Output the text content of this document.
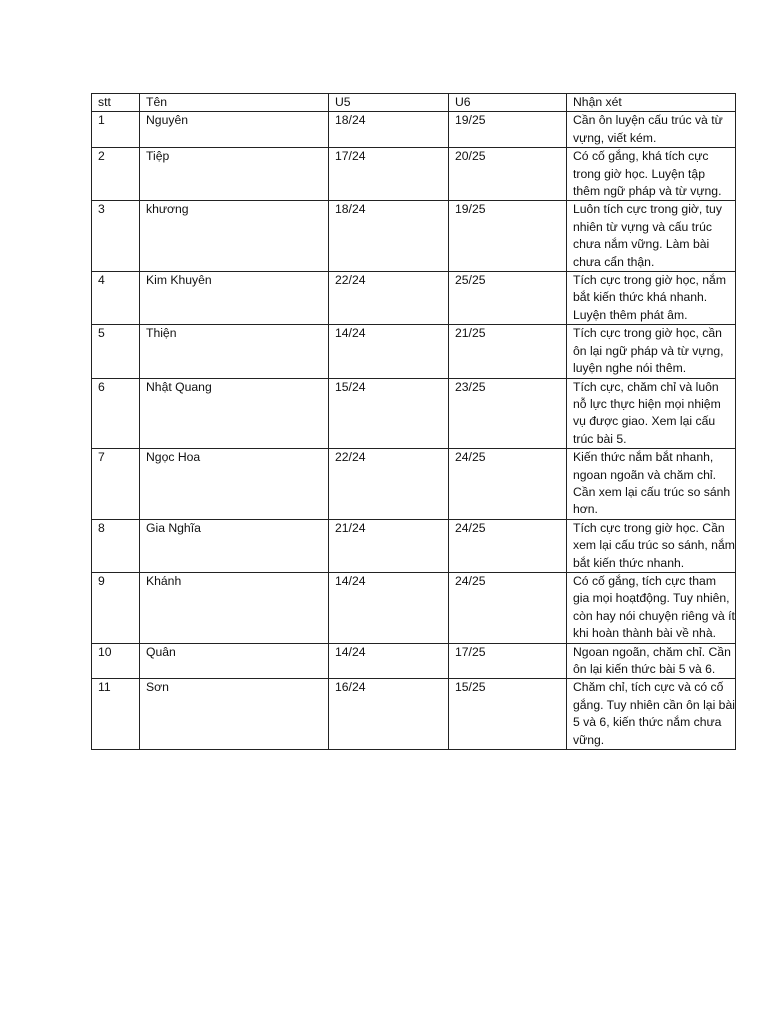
stt	Tên	U5	U6	Nhận xét
1	Nguyên	18/24	19/25	Cần ôn luyện cấu trúc và từ vựng, viết kém.
2	Tiệp	17/24	20/25	Có cố gắng, khá tích cực trong giờ học. Luyện tập thêm ngữ pháp và từ vựng.
3	khương	18/24	19/25	Luôn tích cực trong giờ, tuy nhiên từ vựng và cấu trúc chưa nắm vững. Làm bài chưa cẩn thận.
4	Kim Khuyên	22/24	25/25	Tích cực trong giờ học, nắm bắt kiến thức khá nhanh. Luyện thêm phát âm.
5	Thiện	14/24	21/25	Tích cực trong giờ học, cần ôn lại ngữ pháp và từ vựng, luyện nghe nói thêm.
6	Nhật Quang	15/24	23/25	Tích cực, chăm chỉ và luôn nỗ lực thực hiện mọi nhiệm vụ được giao. Xem lại cấu trúc bài 5.
7	Ngọc Hoa	22/24	24/25	Kiến thức nắm bắt nhanh, ngoan ngoãn và chăm chỉ. Cần xem lại cấu trúc so sánh hơn.
8	Gia Nghĩa	21/24	24/25	Tích cực trong giờ học. Cần xem lại cấu trúc so sánh, nắm bắt kiến thức nhanh.
9	Khánh	14/24	24/25	Có cố gắng, tích cực tham gia mọi hoạtđộng. Tuy nhiên, còn hay nói chuyện riêng và ít khi hoàn thành bài về nhà.
10	Quân	14/24	17/25	Ngoan ngoãn, chăm chỉ. Cần ôn lại kiến thức bài 5 và 6.
11	Sơn	16/24	15/25	Chăm chỉ, tích cực và có cố gắng. Tuy nhiên cần ôn lại bài 5 và 6, kiến thức nắm chưa vững.
